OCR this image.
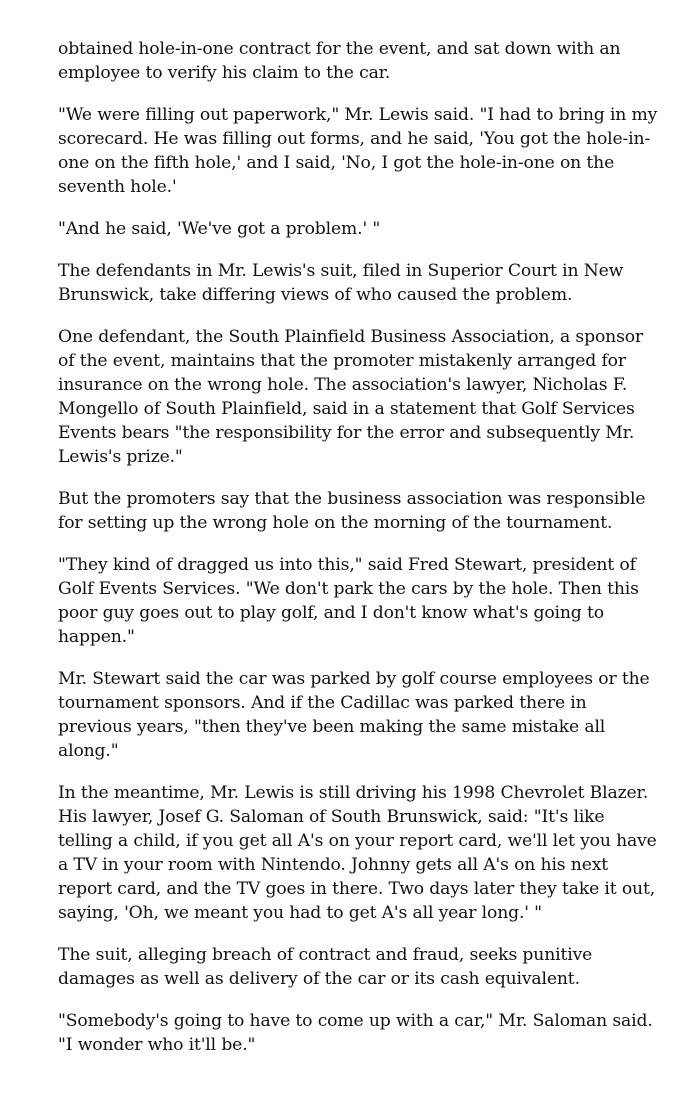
obtained hole-in-one contract for the event, and sat down with an employee to verify his claim to the car.

"We were filling out paperwork," Mr. Lewis said. "I had to bring in my scorecard. He was filling out forms, and he said, 'You got the hole-in-one on the fifth hole,' and I said, 'No, I got the hole-in-one on the seventh hole.'

"And he said, 'We've got a problem.' "

The defendants in Mr. Lewis's suit, filed in Superior Court in New Brunswick, take differing views of who caused the problem.

One defendant, the South Plainfield Business Association, a sponsor of the event, maintains that the promoter mistakenly arranged for insurance on the wrong hole. The association's lawyer, Nicholas F. Mongello of South Plainfield, said in a statement that Golf Services Events bears "the responsibility for the error and subsequently Mr. Lewis's prize."

But the promoters say that the business association was responsible for setting up the wrong hole on the morning of the tournament.

"They kind of dragged us into this," said Fred Stewart, president of Golf Events Services. "We don't park the cars by the hole. Then this poor guy goes out to play golf, and I don't know what's going to happen."

Mr. Stewart said the car was parked by golf course employees or the tournament sponsors. And if the Cadillac was parked there in previous years, "then they've been making the same mistake all along."

In the meantime, Mr. Lewis is still driving his 1998 Chevrolet Blazer. His lawyer, Josef G. Saloman of South Brunswick, said: "It's like telling a child, if you get all A's on your report card, we'll let you have a TV in your room with Nintendo. Johnny gets all A's on his next report card, and the TV goes in there. Two days later they take it out, saying, 'Oh, we meant you had to get A's all year long.' "

The suit, alleging breach of contract and fraud, seeks punitive damages as well as delivery of the car or its cash equivalent.

"Somebody's going to have to come up with a car," Mr. Saloman said. "I wonder who it'll be."
